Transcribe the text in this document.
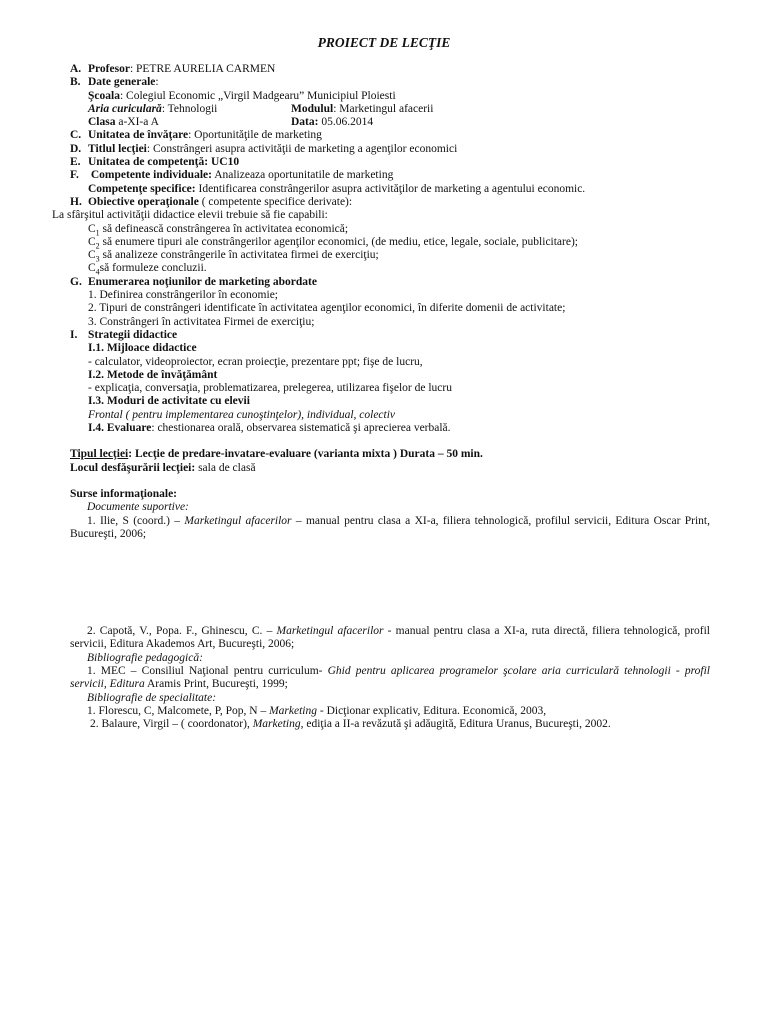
PROIECT DE LECŢIE
A. Profesor: PETRE AURELIA CARMEN
B. Date generale:
Şcoala: Colegiul Economic „Virgil Madgearu” Municipiul Ploiesti
Aria curiculară: Tehnologii	Modulul: Marketingul afacerii
Clasa a-XI-a A	Data: 05.06.2014
C. Unitatea de învăţare: Oportunităţile de marketing
D. Titlul lecţiei: Constrângeri asupra activităţii de marketing a agenţilor economici
E. Unitatea de competenţă: UC10
F. Competente individuale: Analizeaza oportunitatile de marketing
Competenţe specifice: Identificarea constrângerilor asupra activităţilor de marketing a agentului economic.
H. Obiective operaţionale ( competente specifice derivate):
La sfârşitul activităţii didactice elevii trebuie să fie capabili:
$C_1$ să definească constrângerea în activitatea economică;
$C_2$ să enumere tipuri ale constrângerilor agenţilor economici, (de mediu, etice, legale, sociale, publicitare);
$C_3$ să analizeze constrângerile în activitatea firmei de exerciţiu;
$C_4să$ formuleze concluzii.
G. Enumerarea noţiunilor de marketing abordate
1. Definirea constrângerilor în economie;
2. Tipuri de constrângeri identificate în activitatea agenţilor economici, în diferite domenii de activitate;
3. Constrângeri în activitatea Firmei de exerciţiu;
I. Strategii didactice
I.1. Mijloace didactice
- calculator, videoproiector, ecran proiecţie, prezentare ppt; fişe de lucru,
I.2. Metode de învăţământ
- explicaţia, conversaţia, problematizarea, prelegerea, utilizarea fişelor de lucru
I.3. Moduri de activitate cu elevii
Frontal ( pentru implementarea cunoştinţelor), individual, colectiv
I.4. Evaluare: chestionarea orală, observarea sistematică şi aprecierea verbală.
Tipul lecţiei: Lecţie de predare-invatare-evaluare (varianta mixta ) Durata – 50 min.
Locul desfăşurării lecţiei: sala de clasă
Surse informaţionale:
Documente suportive:
1. Ilie, S (coord.) – Marketingul afacerilor – manual pentru clasa a XI-a, filiera tehnologică, profilul servicii, Editura Oscar Print, Bucureşti, 2006;
2. Capotă, V., Popa. F., Ghinescu, C. – Marketingul afacerilor - manual pentru clasa a XI-a, ruta directă, filiera tehnologică, profil servicii, Editura Akademos Art, Bucureşti, 2006;
Bibliografie pedagogică:
1. MEC – Consiliul Naţional pentru curriculum- Ghid pentru aplicarea programelor şcolare aria curriculară tehnologii - profil servicii, Editura Aramis Print, Bucureşti, 1999;
Bibliografie de specialitate:
1. Florescu, C, Malcomete, P, Pop, N – Marketing - Dicţionar explicativ, Editura. Economică, 2003,
2. Balaure, Virgil – ( coordonator), Marketing, ediţia a II-a revăzută şi adăugită, Editura Uranus, Bucureşti, 2002.
